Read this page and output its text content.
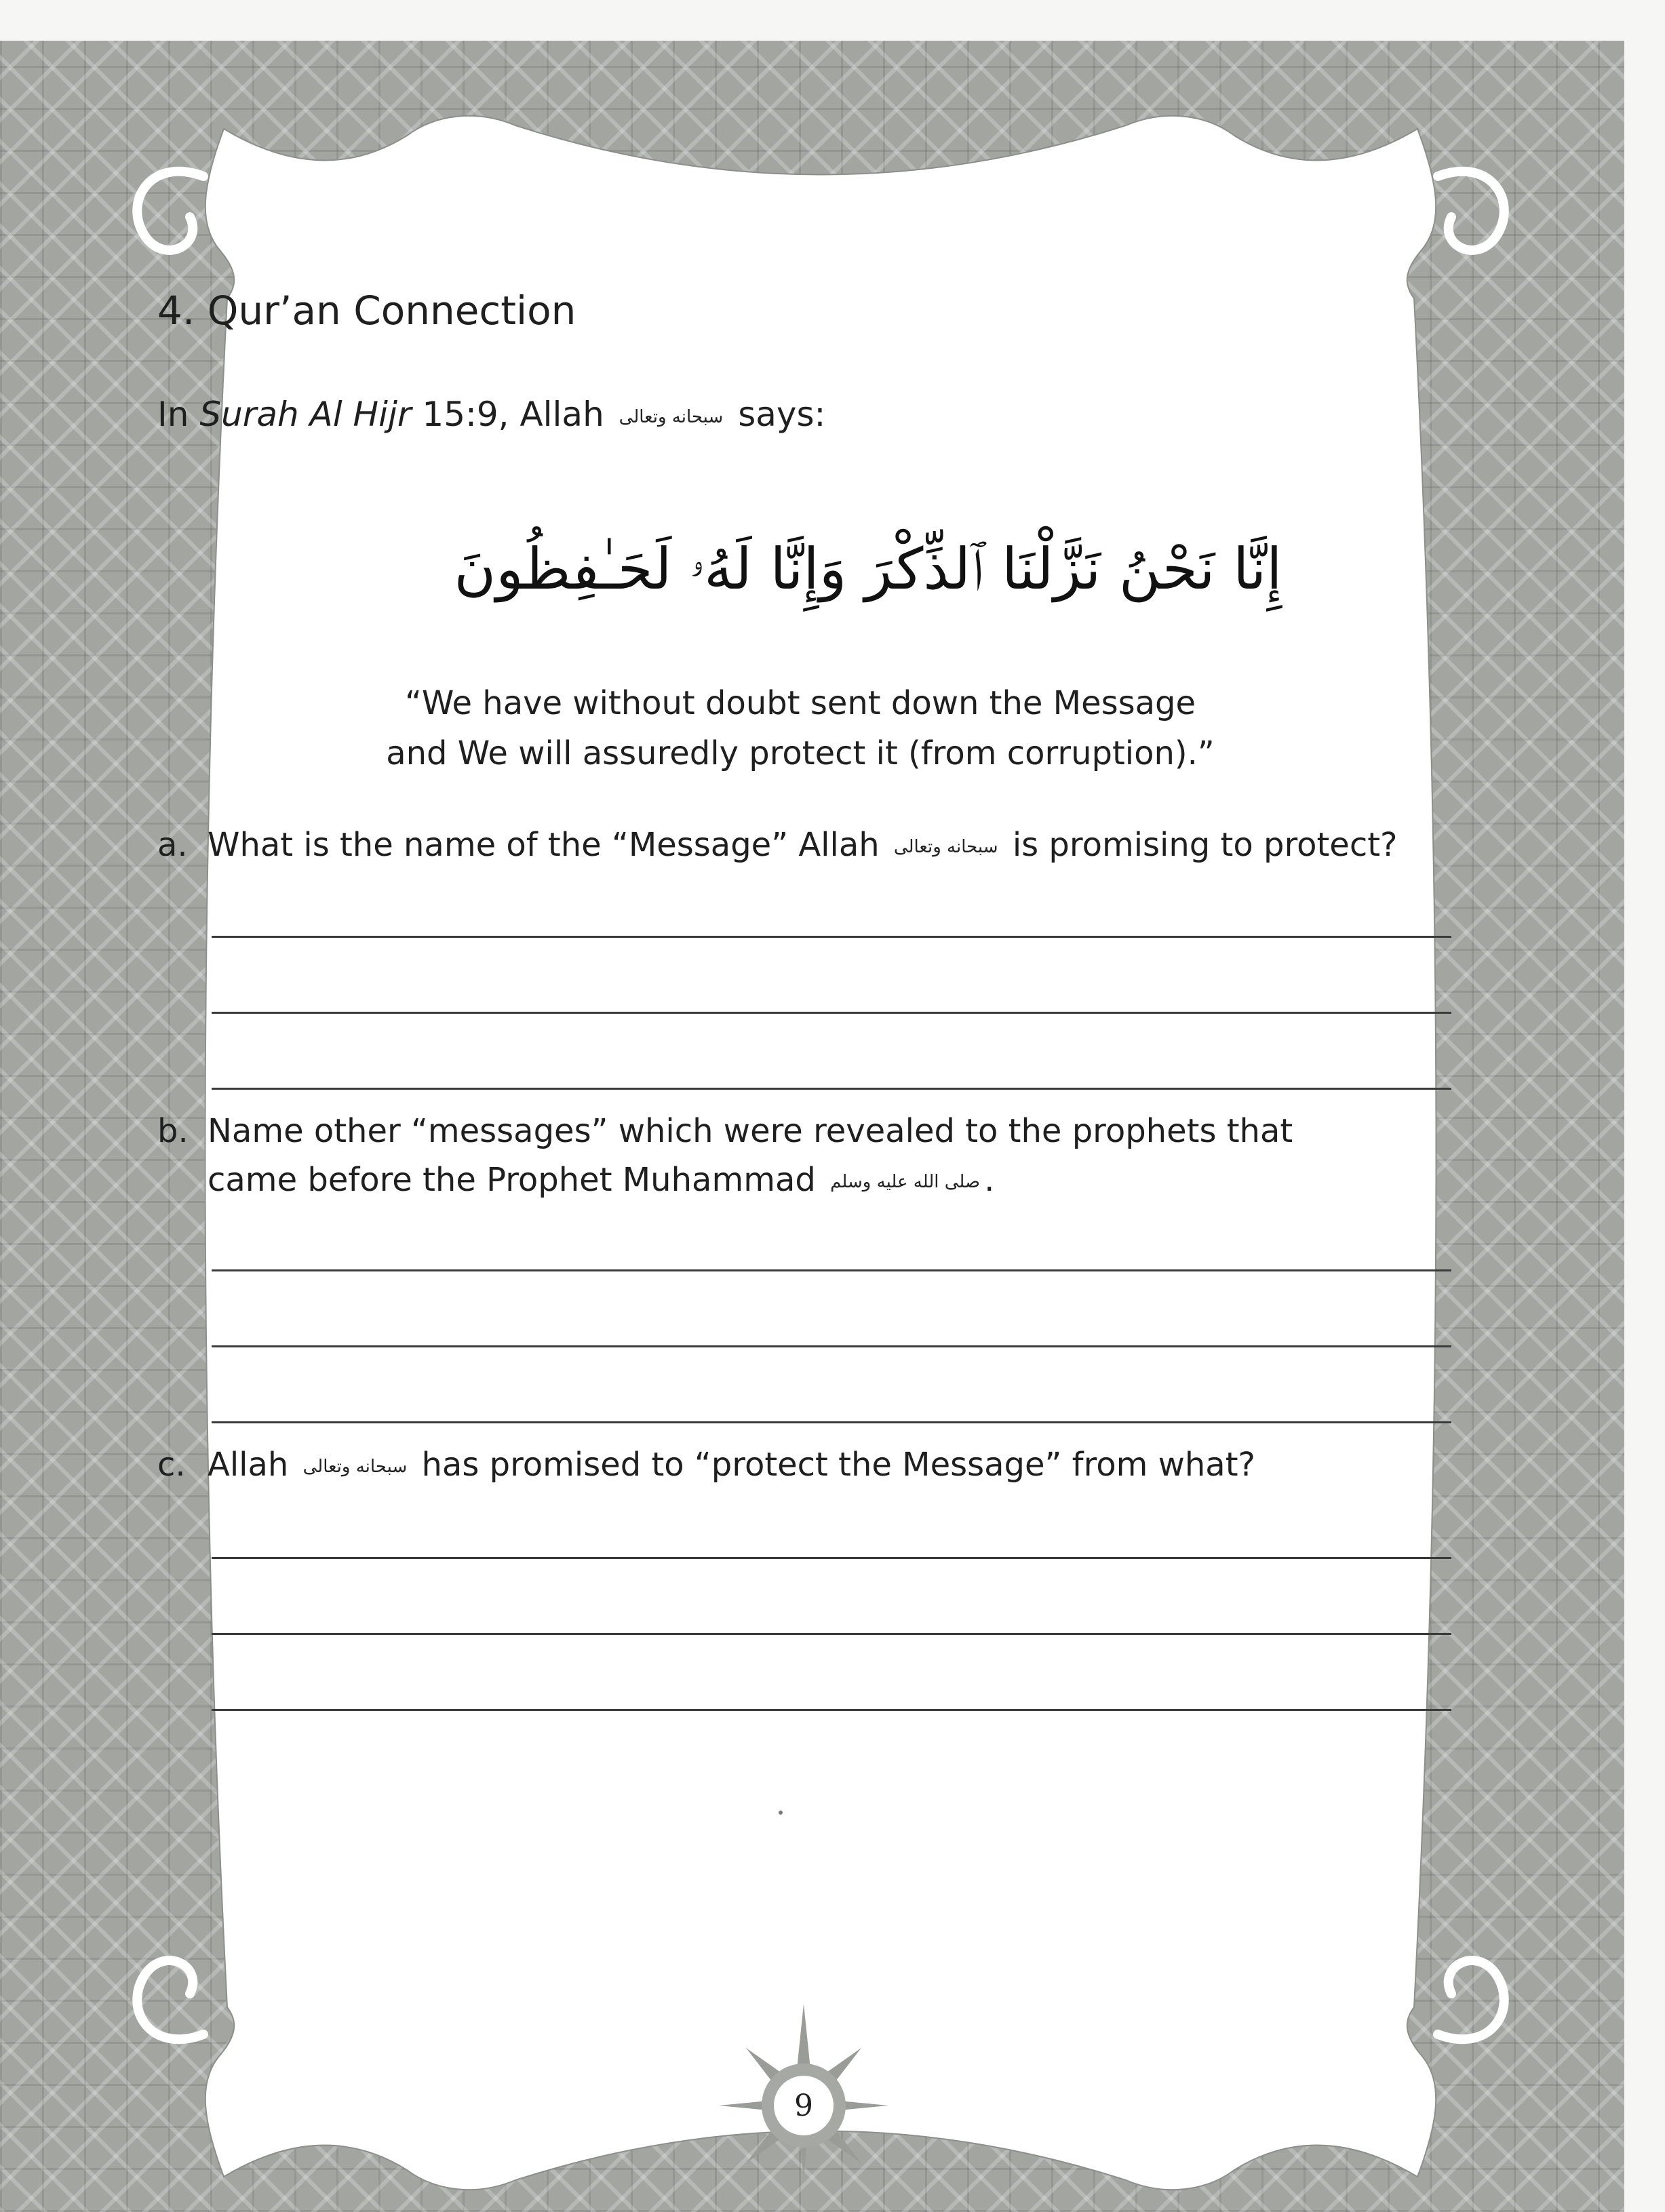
4. Qur’an Connection

In Surah Al Hijr 15:9, Allah سبحانه وتعالى says:

إِنَّا نَحْنُ نَزَّلْنَا ٱلذِّكْرَ وَإِنَّا لَهُۥ لَحَـٰفِظُونَ
“We have without doubt sent down the Message
and We will assuredly protect it (from corruption).”
a. What is the name of the “Message” Allah سبحانه وتعالى is promising to protect?
b. Name other “messages” which were revealed to the prophets that
came before the Prophet Muhammad صلى الله عليه وسلم .
c. Allah سبحانه وتعالى has promised to “protect the Message” from what?
9
